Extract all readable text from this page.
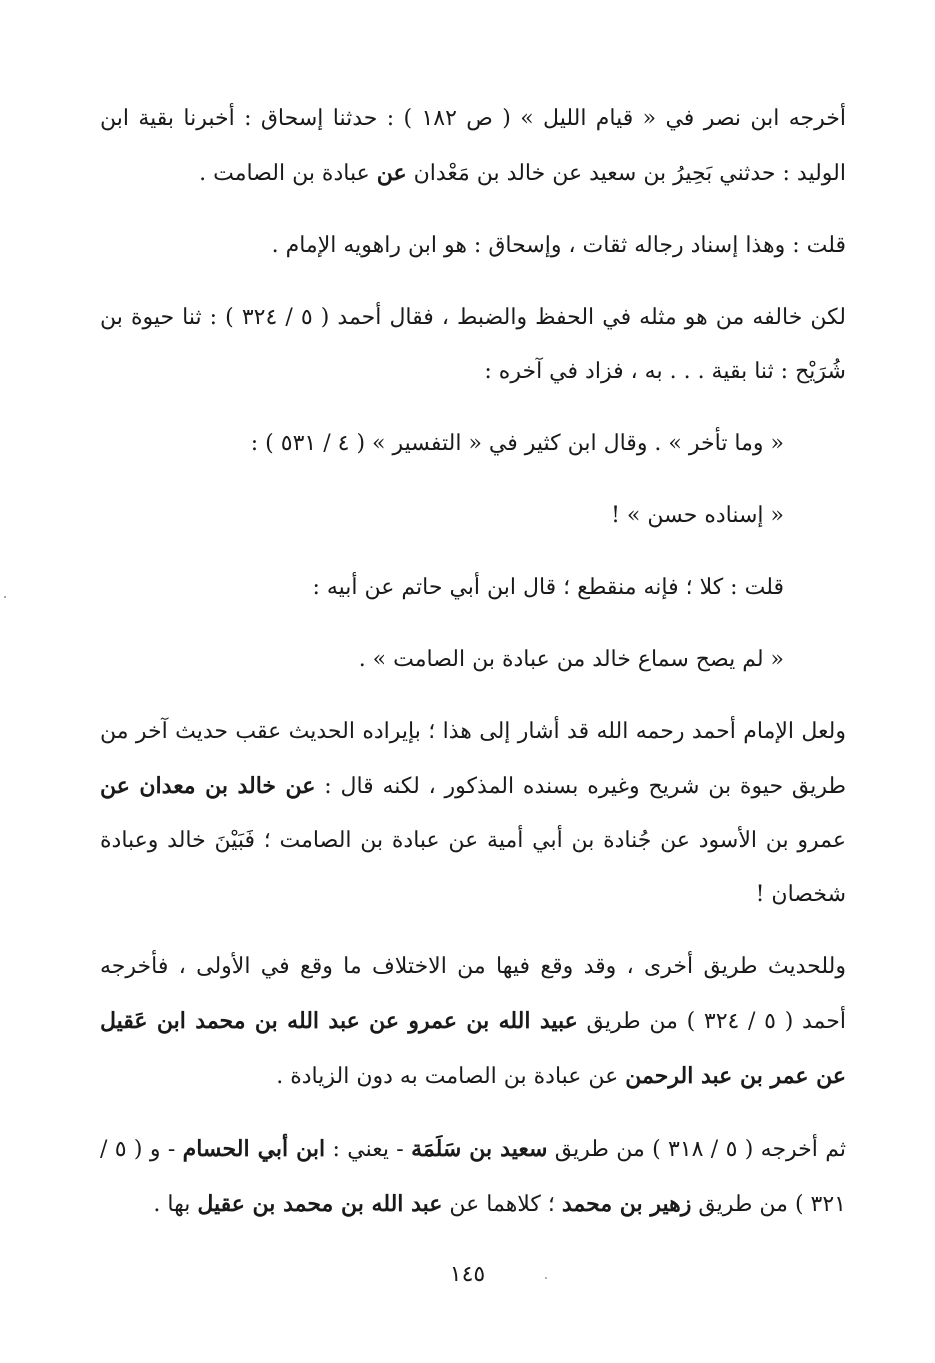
أخرجه ابن نصر في « قيام الليل » ( ص ١٨٢ ) : حدثنا إسحاق : أخبرنا بقية ابن الوليد : حدثني بَحِيرُ بن سعيد عن خالد بن مَعْدان عن عبادة بن الصامت .

قلت : وهذا إسناد رجاله ثقات ، وإسحاق : هو ابن راهويه الإمام .

لكن خالفه من هو مثله في الحفظ والضبط ، فقال أحمد ( ٥ / ٣٢٤ ) : ثنا حيوة بن شُرَيْح : ثنا بقية . . . به ، فزاد في آخره :

« وما تأخر » . وقال ابن كثير في « التفسير » ( ٤ / ٥٣١ ) :

« إسناده حسن » !

قلت : كلا ؛ فإنه منقطع ؛ قال ابن أبي حاتم عن أبيه :

« لم يصح سماع خالد من عبادة بن الصامت » .

ولعل الإمام أحمد رحمه الله قد أشار إلى هذا ؛ بإيراده الحديث عقب حديث آخر من طريق حيوة بن شريح وغيره بسنده المذكور ، لكنه قال : عن خالد بن معدان عن عمرو بن الأسود عن جُنادة بن أبي أمية عن عبادة بن الصامت ؛ فَبَيْنَ خالد وعبادة شخصان !

وللحديث طريق أخرى ، وقد وقع فيها من الاختلاف ما وقع في الأولى ، فأخرجه أحمد ( ٥ / ٣٢٤ ) من طريق عبيد الله بن عمرو عن عبد الله بن محمد ابن عَقيل عن عمر بن عبد الرحمن عن عبادة بن الصامت به دون الزيادة .

ثم أخرجه ( ٥ / ٣١٨ ) من طريق سعيد بن سَلَمَة - يعني : ابن أبي الحسام - و ( ٥ / ٣٢١ ) من طريق زهير بن محمد ؛ كلاهما عن عبد الله بن محمد بن عقيل بها .

١٤٥
